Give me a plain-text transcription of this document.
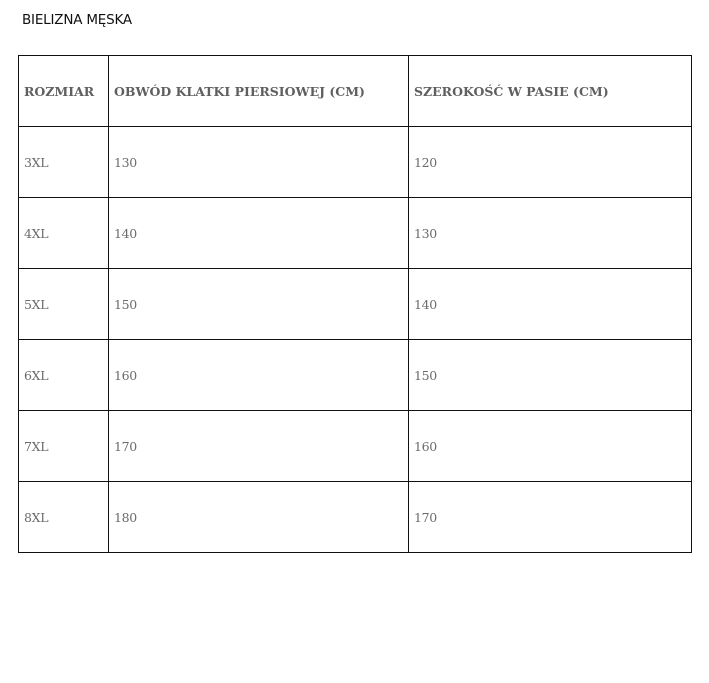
BIELIZNA MĘSKA
ROZMIAR	OBWÓD KLATKI PIERSIOWEJ (CM)	SZEROKOŚĆ W PASIE (CM)
3XL	130	120
4XL	140	130
5XL	150	140
6XL	160	150
7XL	170	160
8XL	180	170
